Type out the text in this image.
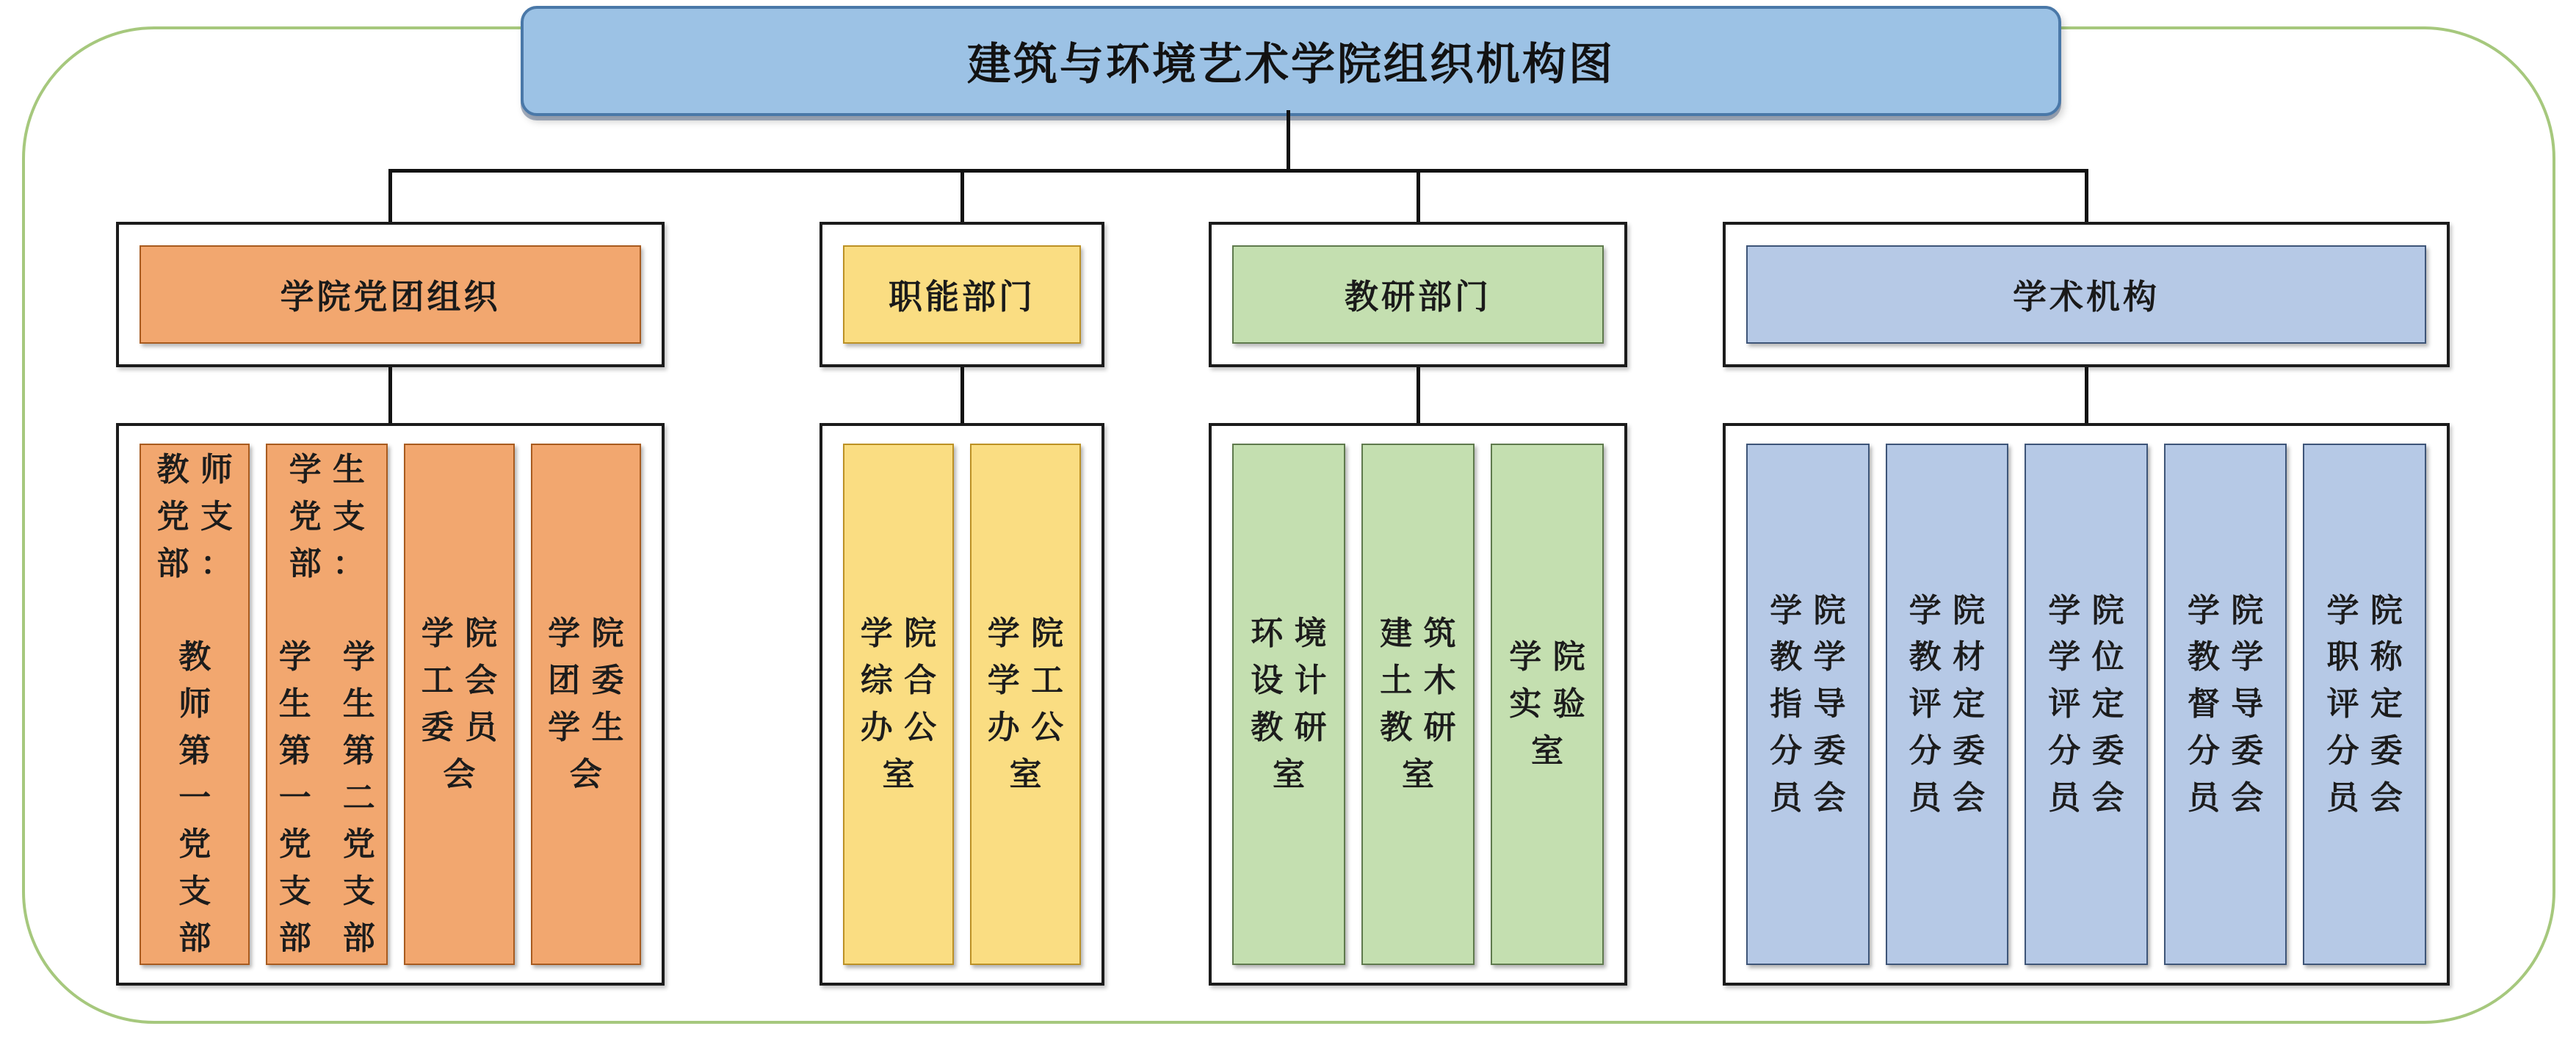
建筑与环境艺术学院组织机构图
学院党团组织
教师
党支
部：
教
师
第
一
党
支
部
学生
党支
部：
学 学
生 生
第 第
一 二
党 党
支 支
部 部
学院
工会
委员
会
学院
团委
学生
会
职能部门
学院
综合
办公
室
学院
学工
办公
室
教研部门
环境
设计
教研
室
建筑
土木
教研
室
学院
实验
室
学术机构
学院
教学
指导
分委
员会
学院
教材
评定
分委
员会
学院
学位
评定
分委
员会
学院
教学
督导
分委
员会
学院
职称
评定
分委
员会
